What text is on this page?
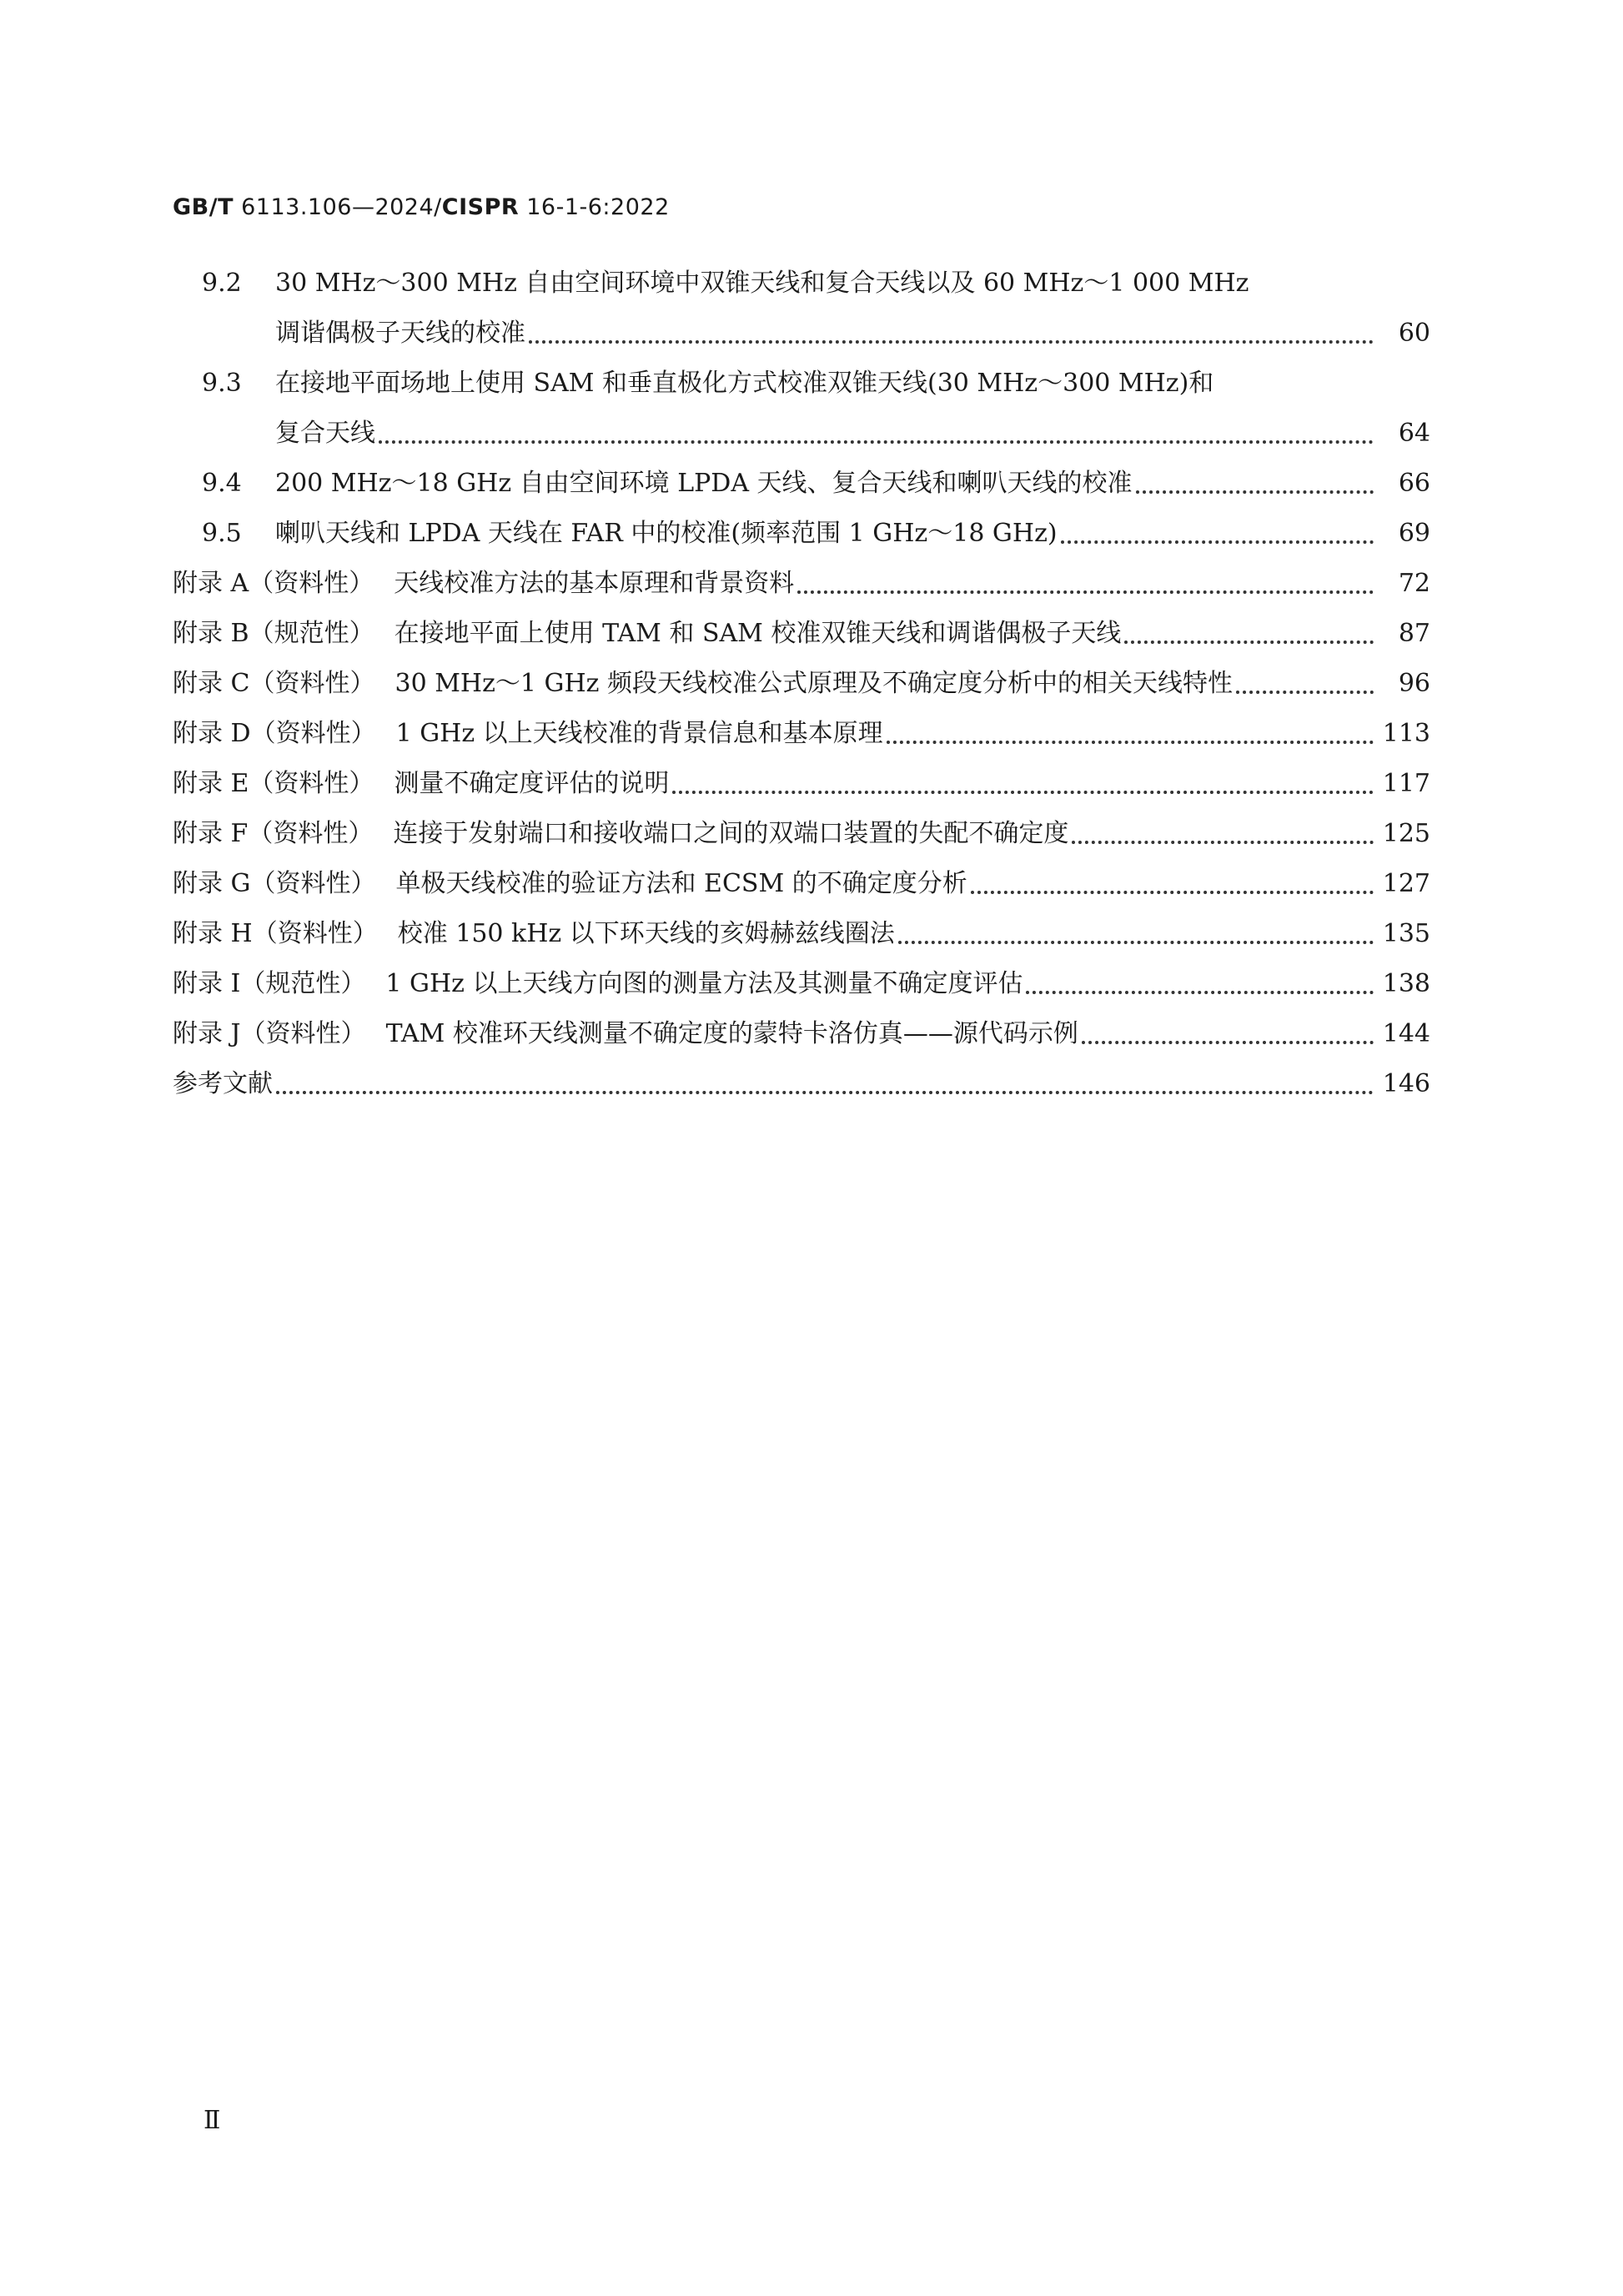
GB/T 6113.106—2024/CISPR 16-1-6:2022
9.2	30 MHz～300 MHz 自由空间环境中双锥天线和复合天线以及 60 MHz～1 000 MHz
调谐偶极子天线的校准	60
9.3	在接地平面场地上使用 SAM 和垂直极化方式校准双锥天线(30 MHz～300 MHz)和
复合天线	64
9.4	200 MHz～18 GHz 自由空间环境 LPDA 天线、复合天线和喇叭天线的校准	66
9.5	喇叭天线和 LPDA 天线在 FAR 中的校准(频率范围 1 GHz～18 GHz)	69
附录 A（资料性） 天线校准方法的基本原理和背景资料	72
附录 B（规范性） 在接地平面上使用 TAM 和 SAM 校准双锥天线和调谐偶极子天线	87
附录 C（资料性） 30 MHz～1 GHz 频段天线校准公式原理及不确定度分析中的相关天线特性	96
附录 D（资料性） 1 GHz 以上天线校准的背景信息和基本原理	113
附录 E（资料性） 测量不确定度评估的说明	117
附录 F（资料性） 连接于发射端口和接收端口之间的双端口装置的失配不确定度	125
附录 G（资料性） 单极天线校准的验证方法和 ECSM 的不确定度分析	127
附录 H（资料性） 校准 150 kHz 以下环天线的亥姆赫兹线圈法	135
附录 I（规范性） 1 GHz 以上天线方向图的测量方法及其测量不确定度评估	138
附录 J（资料性） TAM 校准环天线测量不确定度的蒙特卡洛仿真——源代码示例	144
参考文献	146
Ⅱ
